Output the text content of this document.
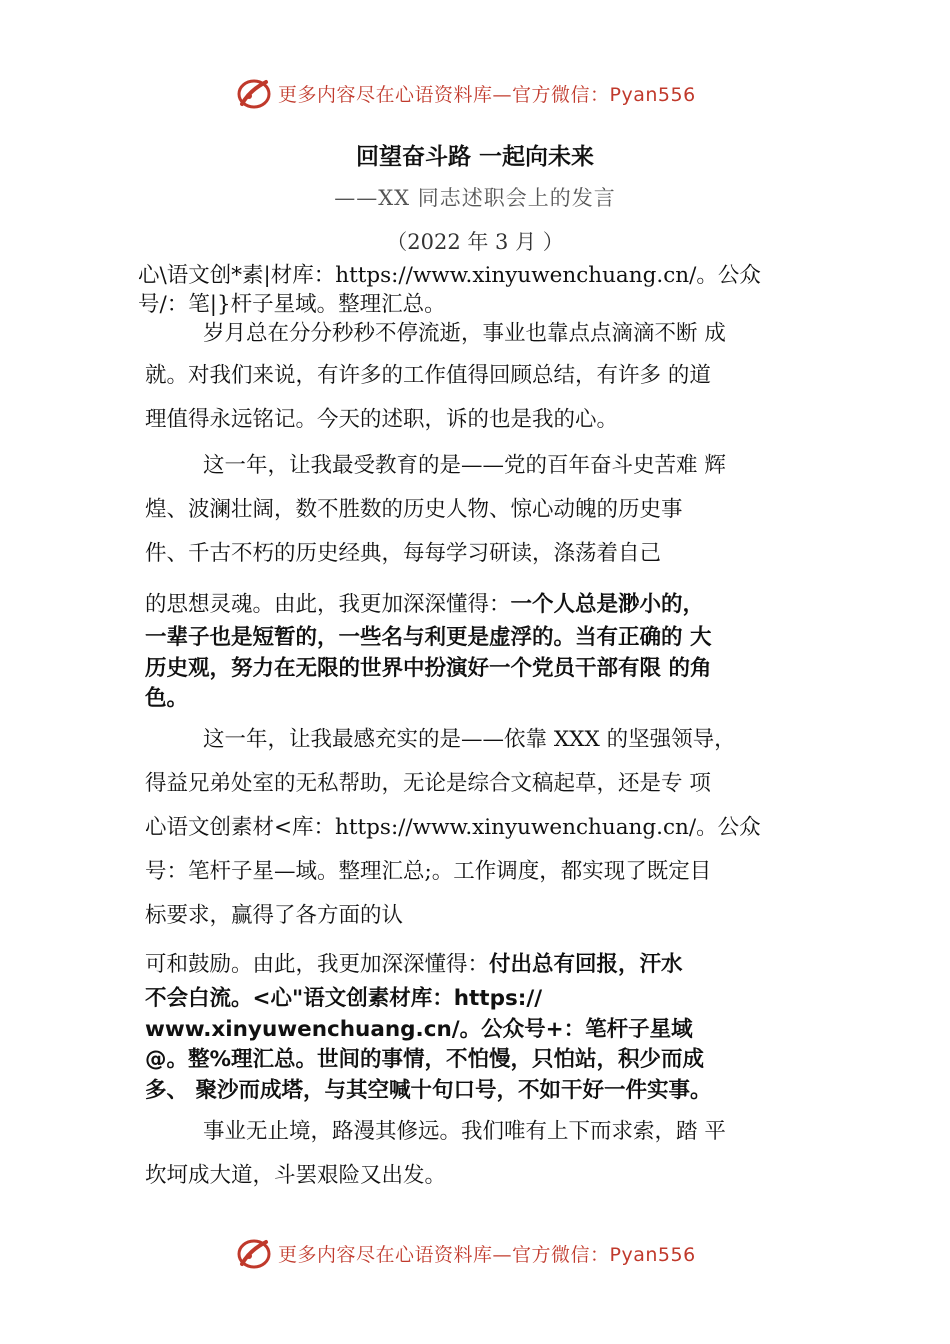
更多内容尽在心语资料库—官方微信：Pyan556
回望奋斗路 一起向未来
——XX 同志述职会上的发言
（2022 年 3 月 ）
心\语文创*素|材库：https://www.xinyuwenchuang.cn/。公众
号/：笔|}杆子星域。整理汇总。
岁月总在分分秒秒不停流逝，事业也靠点点滴滴不断 成
就。对我们来说，有许多的工作值得回顾总结，有许多 的道
理值得永远铭记。今天的述职，诉的也是我的心。
这一年，让我最受教育的是——党的百年奋斗史苦难 辉
煌、波澜壮阔，数不胜数的历史人物、惊心动魄的历史事
件、千古不朽的历史经典，每每学习研读，涤荡着自己
的思想灵魂。由此，我更加深深懂得：一个人总是渺小的，
一辈子也是短暂的，一些名与利更是虚浮的。当有正确的 大
历史观，努力在无限的世界中扮演好一个党员干部有限 的角
色。
这一年，让我最感充实的是——依靠 XXX 的坚强领导，
得益兄弟处室的无私帮助，无论是综合文稿起草，还是专 项
心语文创素材<库：https://www.xinyuwenchuang.cn/。公众
号：笔杆子星—域。整理汇总;。工作调度，都实现了既定目
标要求，赢得了各方面的认
可和鼓励。由此，我更加深深懂得：付出总有回报，汗水
不会白流。<心"语文创素材库：https://
www.xinyuwenchuang.cn/。公众号+：笔杆子星域
@。整%理汇总。世间的事情，不怕慢，只怕站，积少而成
多、 聚沙而成塔，与其空喊十句口号，不如干好一件实事。
事业无止境，路漫其修远。我们唯有上下而求索，踏 平
坎坷成大道，斗罢艰险又出发。
更多内容尽在心语资料库—官方微信：Pyan556
